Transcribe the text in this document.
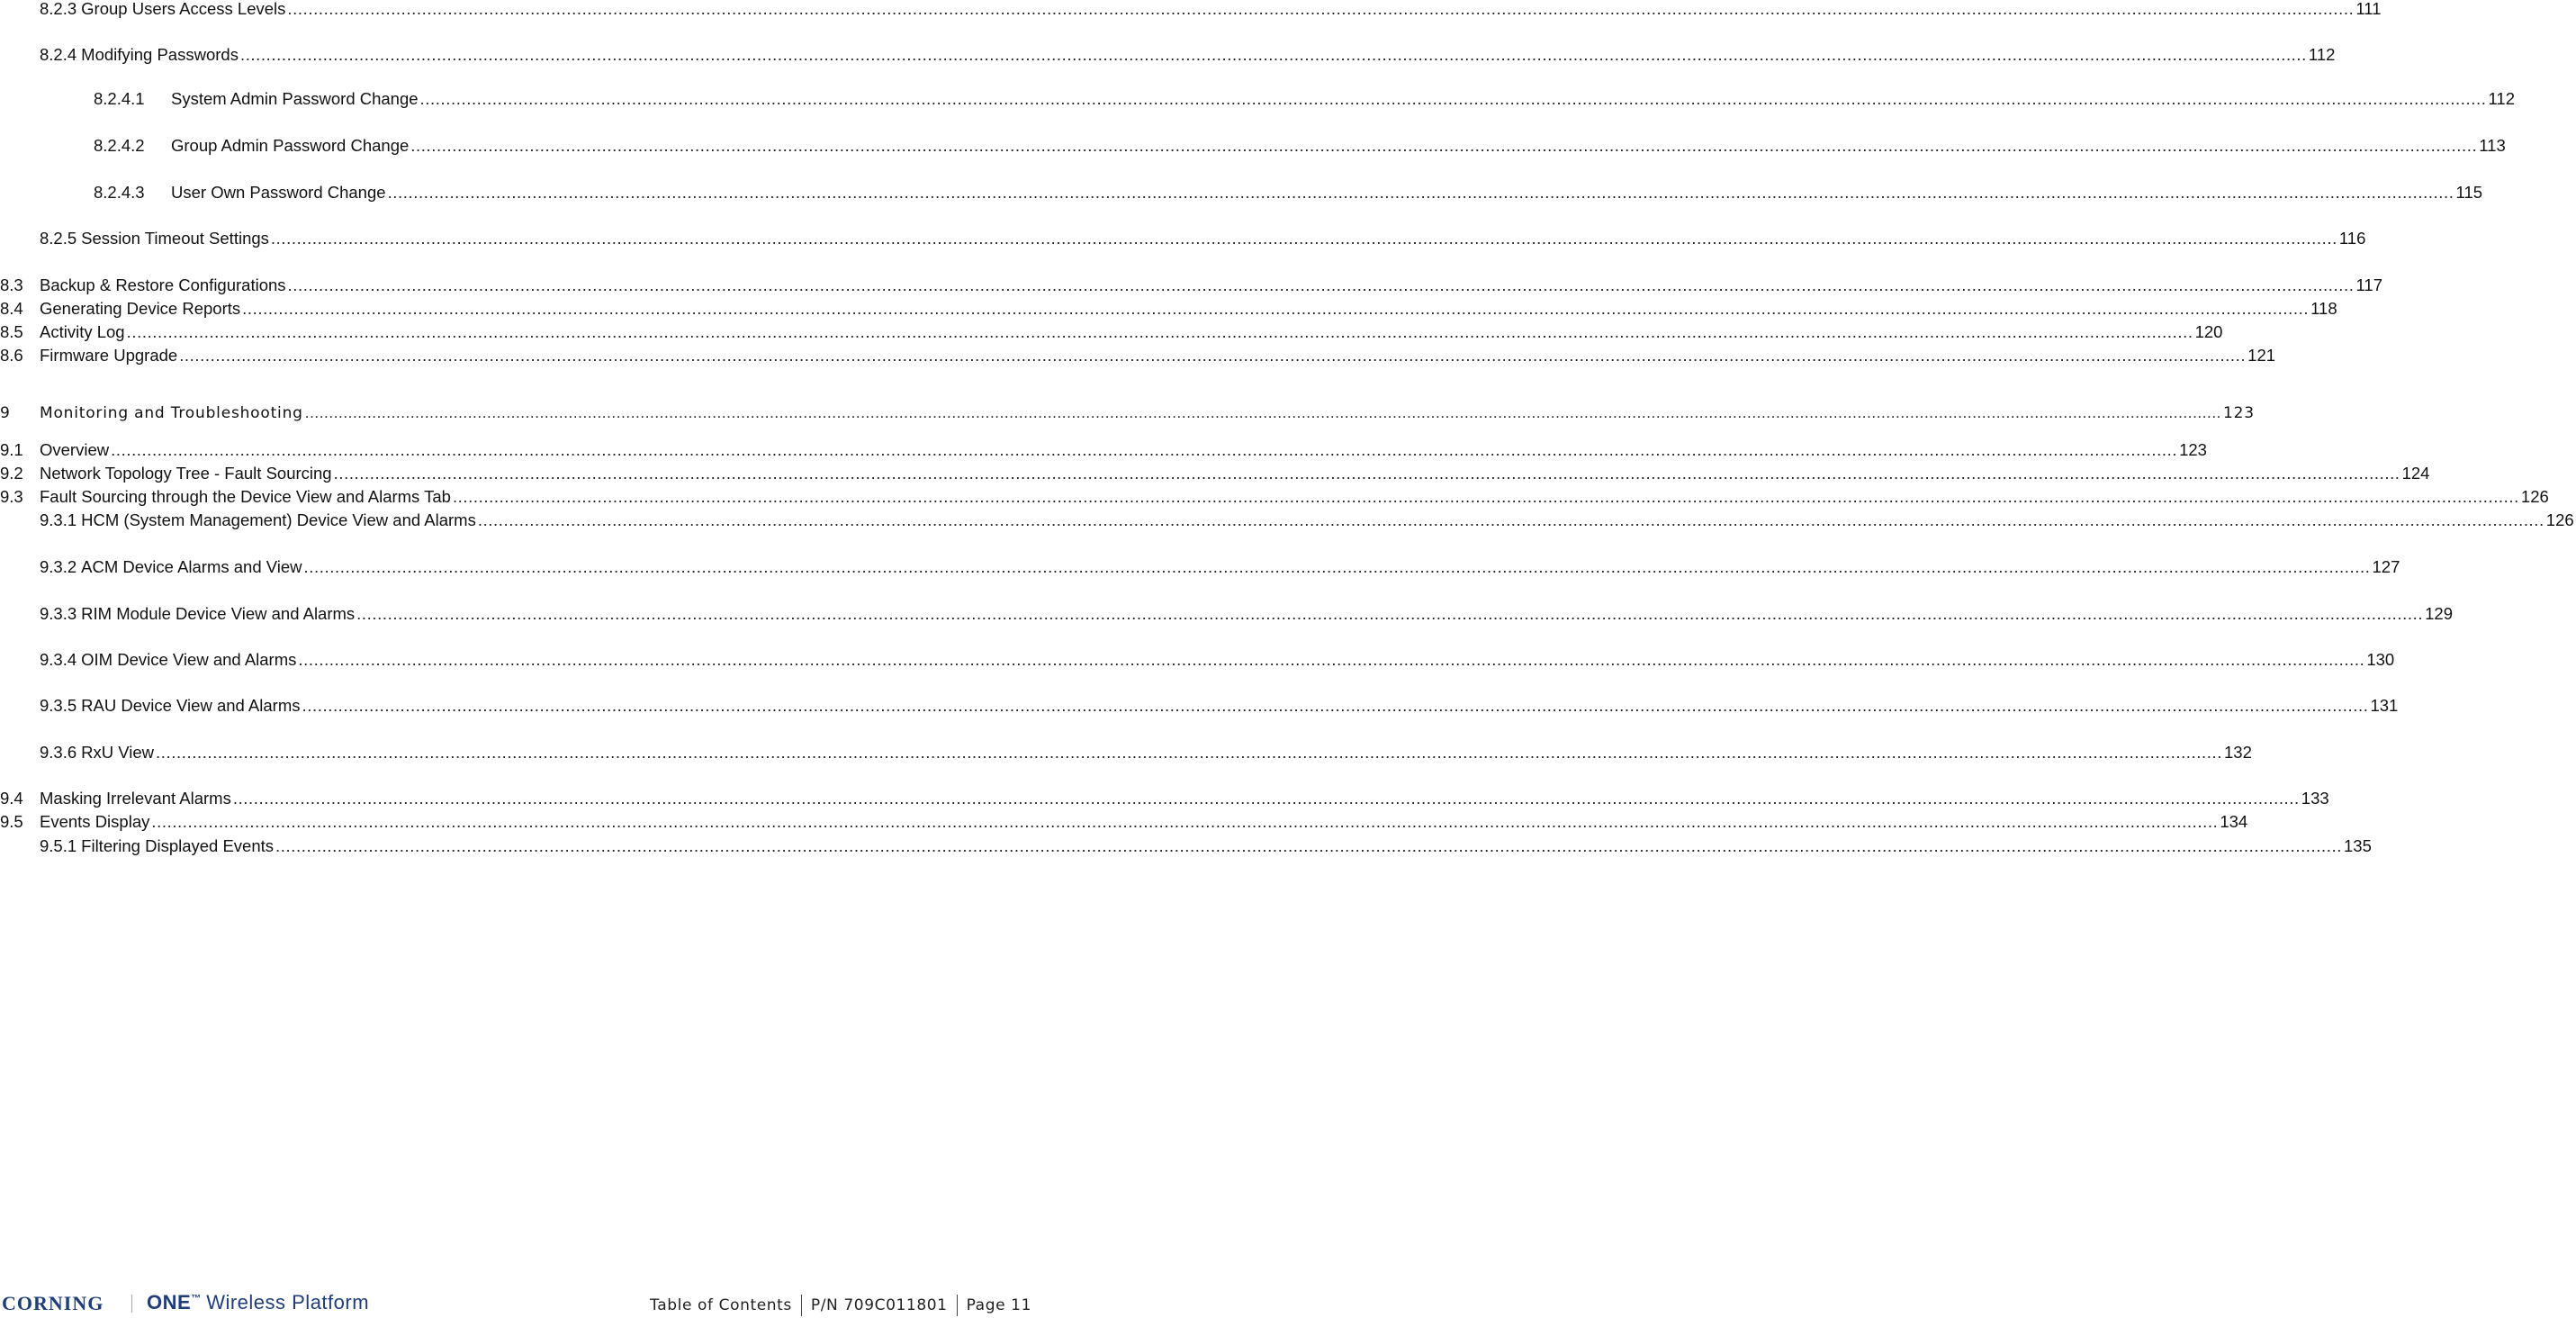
8.2.3 Group Users Access Levels ................................................................................................................................................................................................................................................................................................................................................................................................................ 111
8.2.4 Modifying Passwords ................................................................................................................................................................................................................................................................................................................................................................................................................ 112
8.2.4.1	System Admin Password Change ................................................................................................................................................................................................................................................................................................................................................................................................................ 112
8.2.4.2	Group Admin Password Change ................................................................................................................................................................................................................................................................................................................................................................................................................ 113
8.2.4.3	User Own Password Change ................................................................................................................................................................................................................................................................................................................................................................................................................ 115
8.2.5 Session Timeout Settings ................................................................................................................................................................................................................................................................................................................................................................................................................ 116
8.3 Backup & Restore Configurations ................................................................................................................................................................................................................................................................................................................................................................................................................ 117
8.4 Generating Device Reports ................................................................................................................................................................................................................................................................................................................................................................................................................ 118
8.5 Activity Log ................................................................................................................................................................................................................................................................................................................................................................................................................ 120
8.6 Firmware Upgrade ................................................................................................................................................................................................................................................................................................................................................................................................................ 121
9	Monitoring and Troubleshooting ................................................................................................................................................................................................................................................................................................................................................................................................................ 123
9.1 Overview ................................................................................................................................................................................................................................................................................................................................................................................................................ 123
9.2 Network Topology Tree - Fault Sourcing ................................................................................................................................................................................................................................................................................................................................................................................................................ 124
9.3 Fault Sourcing through the Device View and Alarms Tab ................................................................................................................................................................................................................................................................................................................................................................................................................ 126
9.3.1 HCM (System Management) Device View and Alarms ................................................................................................................................................................................................................................................................................................................................................................................................................ 126
9.3.2 ACM Device Alarms and View ................................................................................................................................................................................................................................................................................................................................................................................................................ 127
9.3.3 RIM Module Device View and Alarms ................................................................................................................................................................................................................................................................................................................................................................................................................ 129
9.3.4 OIM Device View and Alarms ................................................................................................................................................................................................................................................................................................................................................................................................................ 130
9.3.5 RAU Device View and Alarms ................................................................................................................................................................................................................................................................................................................................................................................................................ 131
9.3.6 RxU View ................................................................................................................................................................................................................................................................................................................................................................................................................ 132
9.4 Masking Irrelevant Alarms ................................................................................................................................................................................................................................................................................................................................................................................................................ 133
9.5 Events Display ................................................................................................................................................................................................................................................................................................................................................................................................................ 134
9.5.1 Filtering Displayed Events ................................................................................................................................................................................................................................................................................................................................................................................................................ 135
CORNING ONE™ Wireless Platform	Table of Contents P/N 709C011801 Page 11
